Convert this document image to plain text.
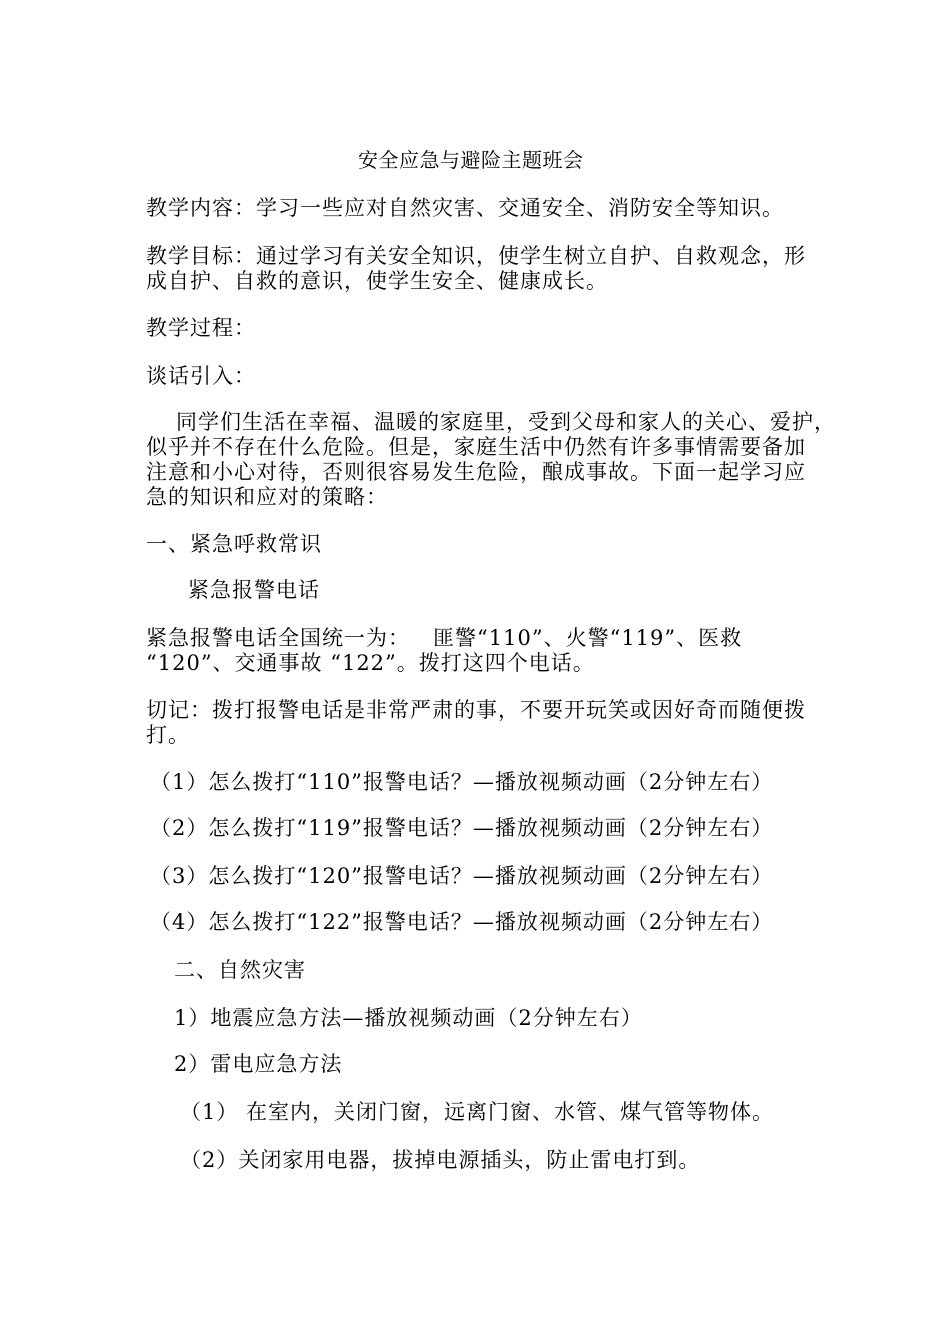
安全应急与避险主题班会
教学内容：学习一些应对自然灾害、交通安全、消防安全等知识。
教学目标：通过学习有关安全知识，使学生树立自护、自救观念，形
成自护、自救的意识，使学生安全、健康成长。
教学过程：
谈话引入：
同学们生活在幸福、温暖的家庭里，受到父母和家人的关心、爱护，
似乎并不存在什么危险。但是，家庭生活中仍然有许多事情需要备加
注意和小心对待，否则很容易发生危险，酿成事故。下面一起学习应
急的知识和应对的策略：
一、紧急呼救常识
紧急报警电话
紧急报警电话全国统一为：   匪警“110”、火警“119”、医救
“120”、交通事故 “122”。拨打这四个电话。
切记：拨打报警电话是非常严肃的事，不要开玩笑或因好奇而随便拨
打。
（1）怎么拨打“110”报警电话？—播放视频动画（2分钟左右）
（2）怎么拨打“119”报警电话？—播放视频动画（2分钟左右）
（3）怎么拨打“120”报警电话？—播放视频动画（2分钟左右）
（4）怎么拨打“122”报警电话？—播放视频动画（2分钟左右）
二、自然灾害
1）地震应急方法—播放视频动画（2分钟左右）
2）雷电应急方法
（1） 在室内，关闭门窗，远离门窗、水管、煤气管等物体。
（2）关闭家用电器，拔掉电源插头，防止雷电打到。
